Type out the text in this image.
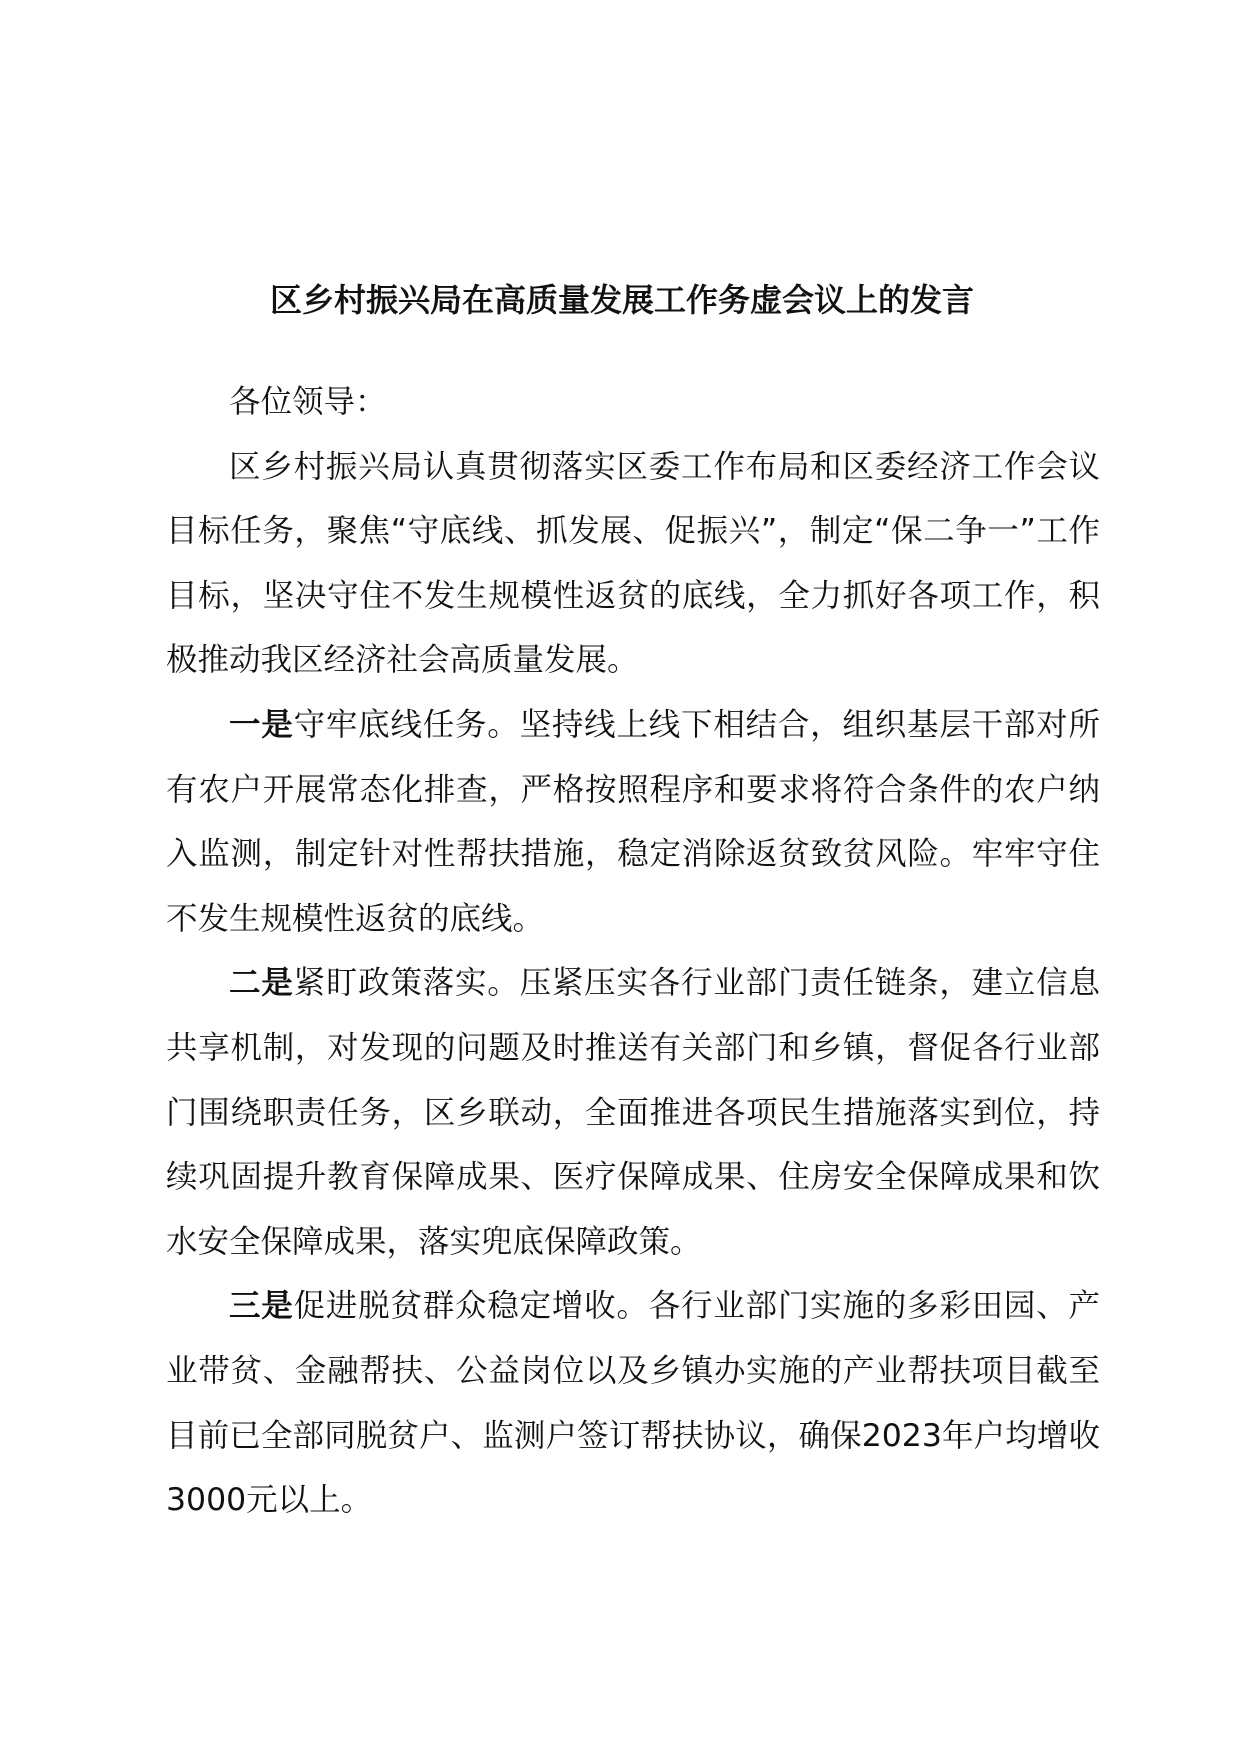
区乡村振兴局在高质量发展工作务虚会议上的发言

各位领导：

区乡村振兴局认真贯彻落实区委工作布局和区委经济工作会议目标任务，聚焦“守底线、抓发展、促振兴”，制定“保二争一”工作目标，坚决守住不发生规模性返贫的底线，全力抓好各项工作，积极推动我区经济社会高质量发展。

一是守牢底线任务。坚持线上线下相结合，组织基层干部对所有农户开展常态化排查，严格按照程序和要求将符合条件的农户纳入监测，制定针对性帮扶措施，稳定消除返贫致贫风险。牢牢守住不发生规模性返贫的底线。

二是紧盯政策落实。压紧压实各行业部门责任链条，建立信息共享机制，对发现的问题及时推送有关部门和乡镇，督促各行业部门围绕职责任务，区乡联动，全面推进各项民生措施落实到位，持续巩固提升教育保障成果、医疗保障成果、住房安全保障成果和饮水安全保障成果，落实兜底保障政策。

三是促进脱贫群众稳定增收。各行业部门实施的多彩田园、产业带贫、金融帮扶、公益岗位以及乡镇办实施的产业帮扶项目截至目前已全部同脱贫户、监测户签订帮扶协议，确保2023年户均增收3000元以上。
